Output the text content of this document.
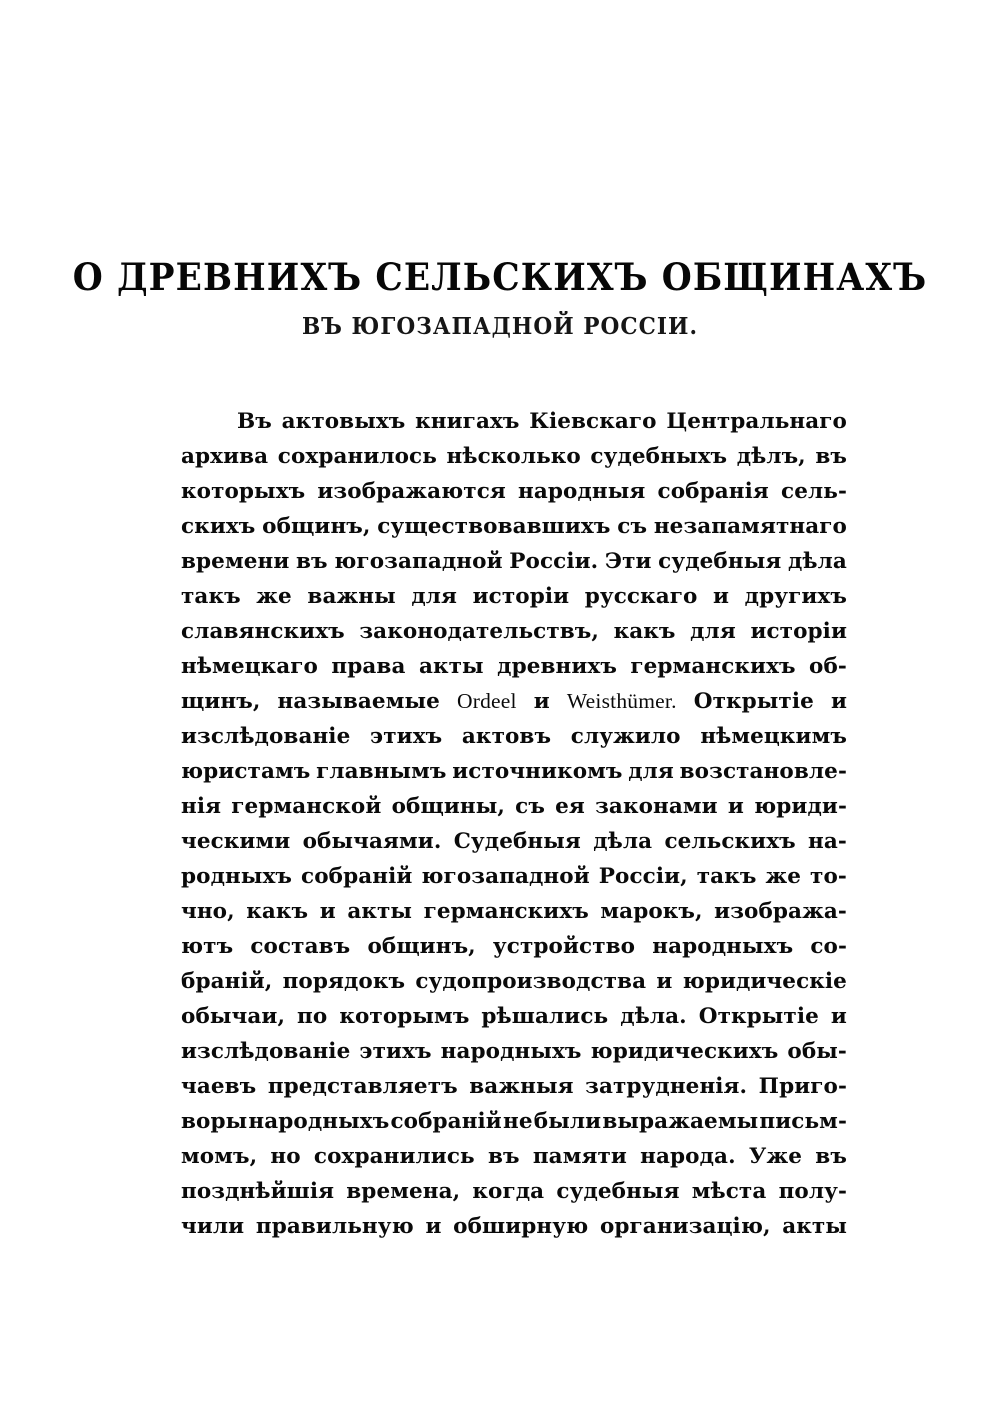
О ДРЕВНИХЪ СЕЛЬСКИХЪ ОБЩИНАХЪ
ВЪ ЮГОЗАПАДНОЙ РОССІИ.
Въ актовыхъ книгахъ Кіевскаго Центральнаго
архива сохранилось нѣсколько судебныхъ дѣлъ, въ
которыхъ изображаются народныя собранія сель-
скихъ общинъ, существовавшихъ съ незапамятнаго
времени въ югозападной Россіи. Эти судебныя дѣла
такъ же важны для исторіи русскаго и другихъ
славянскихъ законодательствъ, какъ для исторіи
нѣмецкаго права акты древнихъ германскихъ об-
щинъ, называемые Ordeel и Weisthümer. Открытіе и
изслѣдованіе этихъ актовъ служило нѣмецкимъ
юристамъ главнымъ источникомъ для возстановле-
нія германской общины, съ ея законами и юриди-
ческими обычаями. Судебныя дѣла сельскихъ на-
родныхъ собраній югозападной Россіи, такъ же то-
чно, какъ и акты германскихъ марокъ, изобража-
ютъ составъ общинъ, устройство народныхъ со-
браній, порядокъ судопроизводства и юридическіе
обычаи, по которымъ рѣшались дѣла. Открытіе и
изслѣдованіе этихъ народныхъ юридическихъ обы-
чаевъ представляетъ важныя затрудненія. Приго-
воры народныхъ собраній не были выражаемы письм-
момъ, но сохранились въ памяти народа. Уже въ
позднѣйшія времена, когда судебныя мѣста полу-
чили правильную и обширную организацію, акты
